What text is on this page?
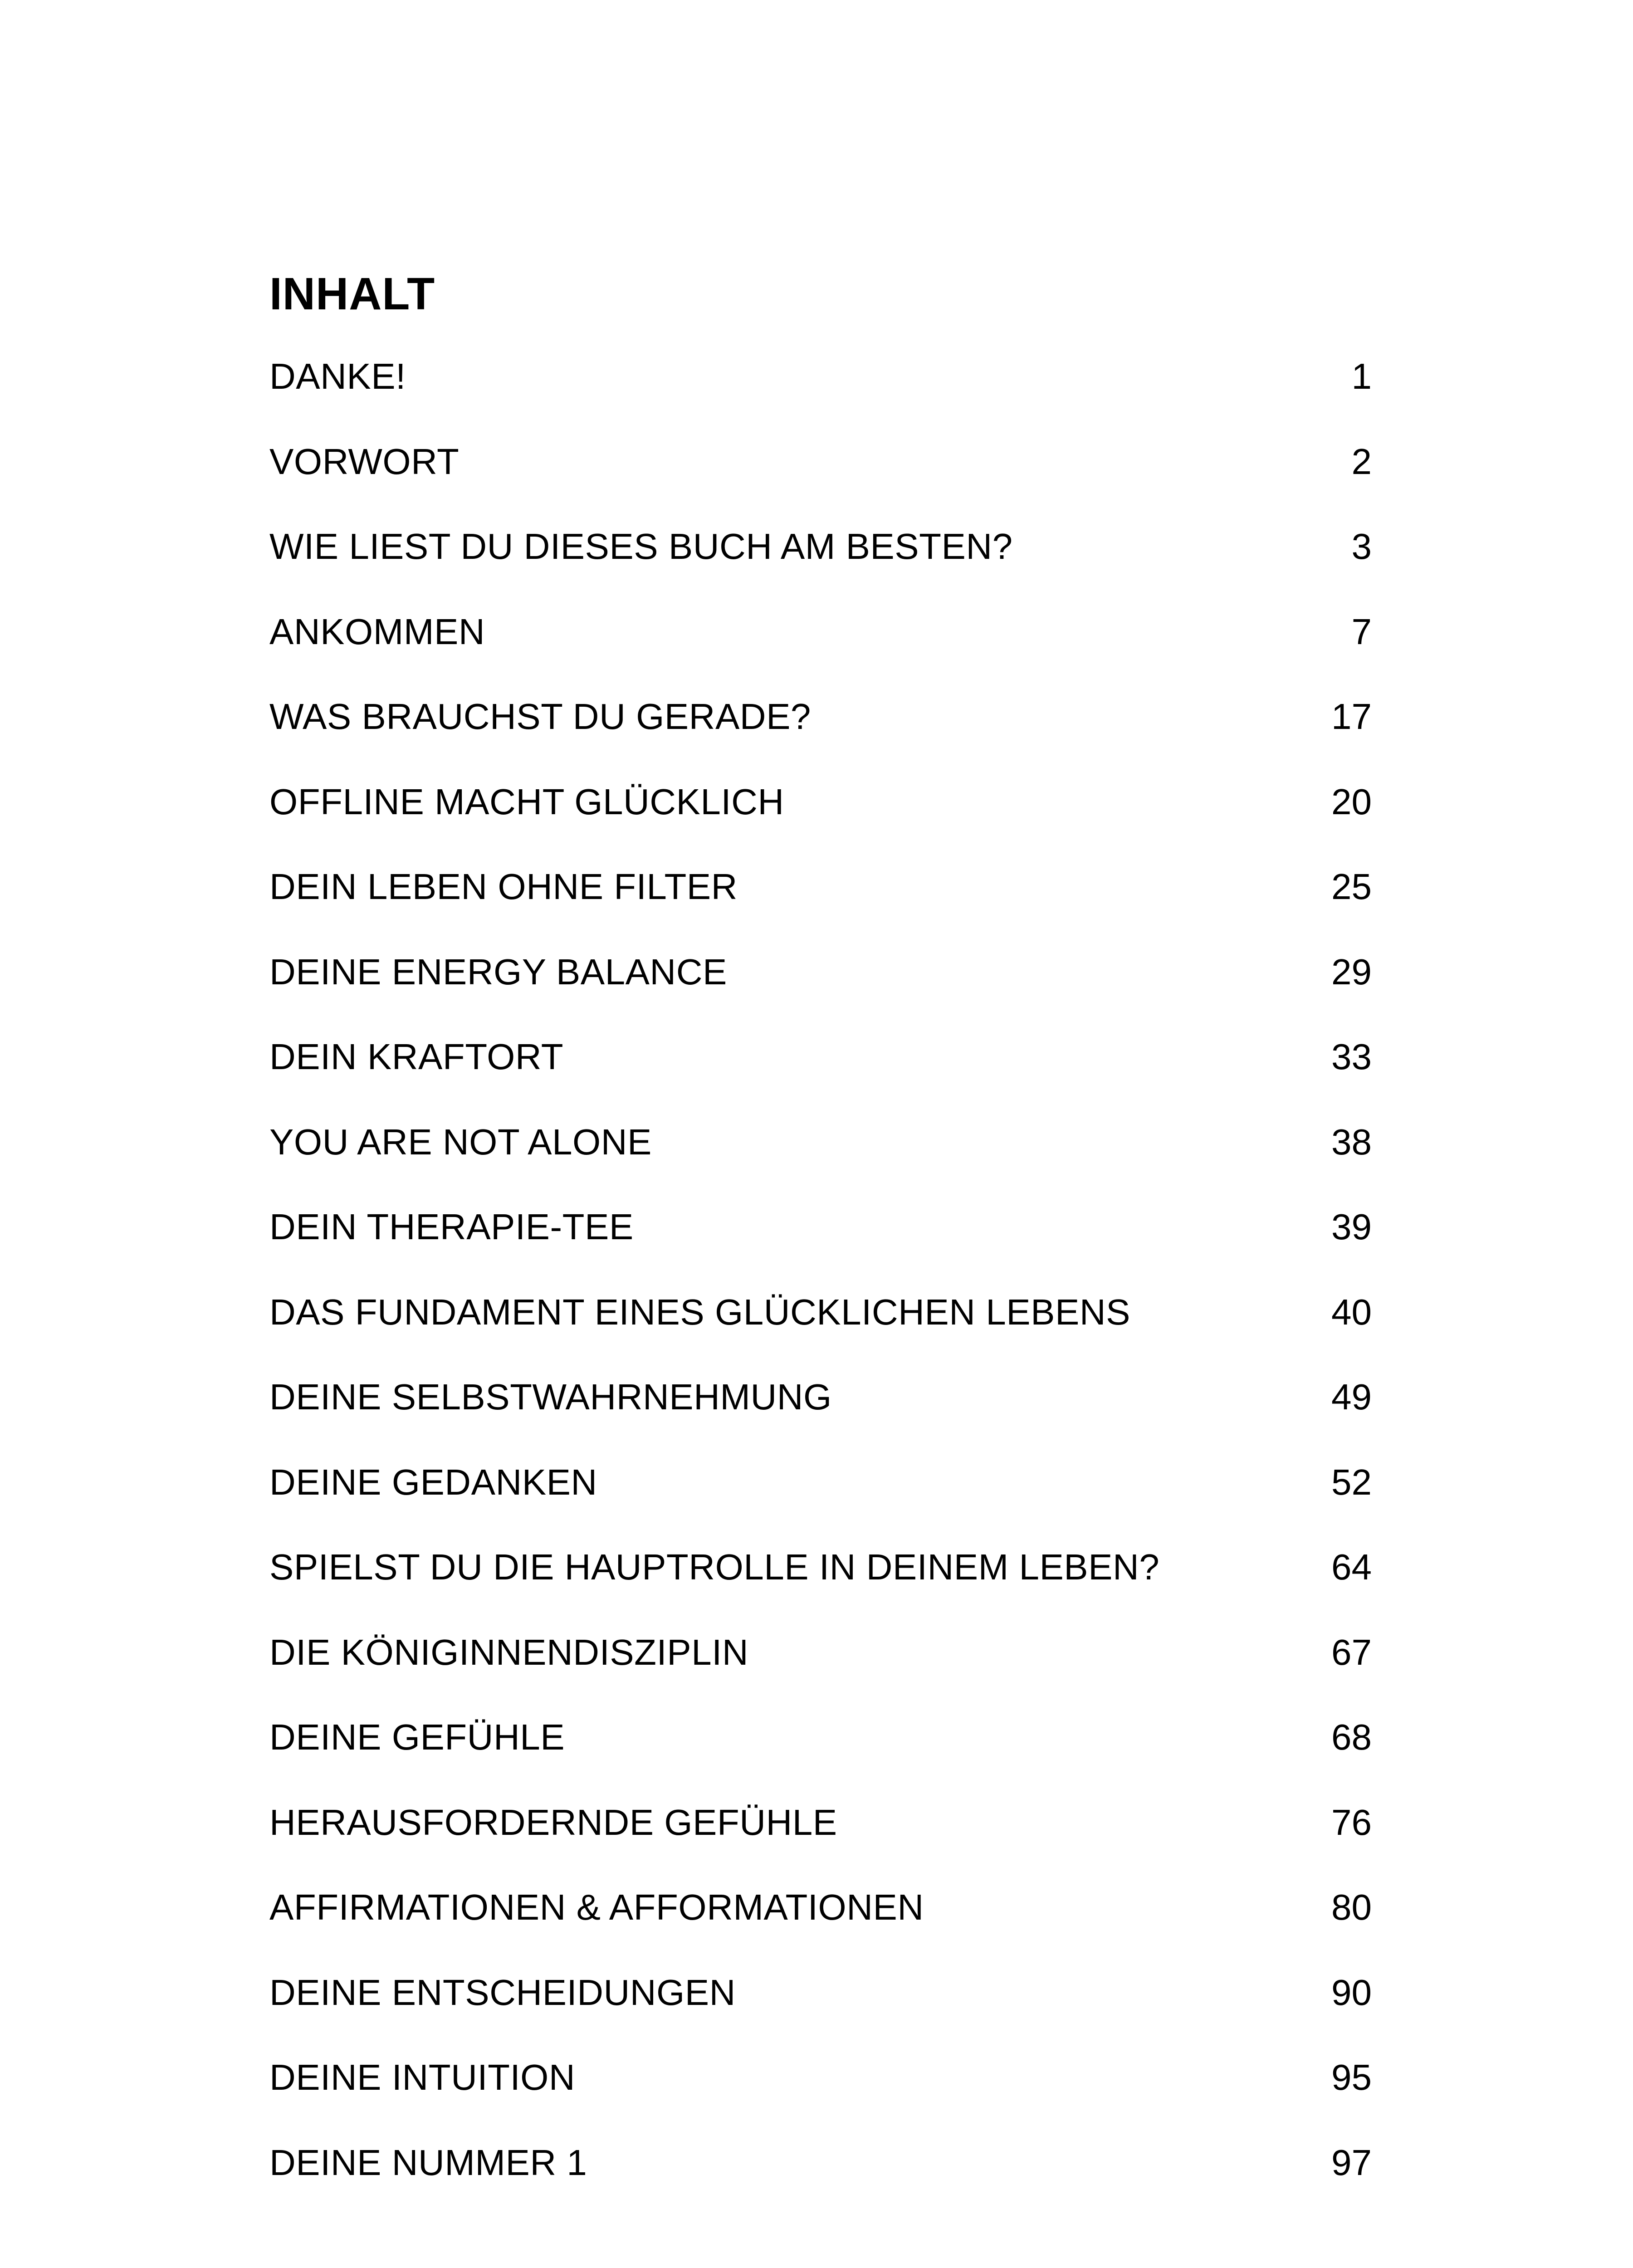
INHALT
DANKE!	1
VORWORT	2
WIE LIEST DU DIESES BUCH AM BESTEN?	3
ANKOMMEN	7
WAS BRAUCHST DU GERADE?	17
OFFLINE MACHT GLÜCKLICH	20
DEIN LEBEN OHNE FILTER	25
DEINE ENERGY BALANCE	29
DEIN KRAFTORT	33
YOU ARE NOT ALONE	38
DEIN THERAPIE-TEE	39
DAS FUNDAMENT EINES GLÜCKLICHEN LEBENS	40
DEINE SELBSTWAHRNEHMUNG	49
DEINE GEDANKEN	52
SPIELST DU DIE HAUPTROLLE IN DEINEM LEBEN?	64
DIE KÖNIGINNENDISZIPLIN	67
DEINE GEFÜHLE	68
HERAUSFORDERNDE GEFÜHLE	76
AFFIRMATIONEN & AFFORMATIONEN	80
DEINE ENTSCHEIDUNGEN	90
DEINE INTUITION	95
DEINE NUMMER 1	97
